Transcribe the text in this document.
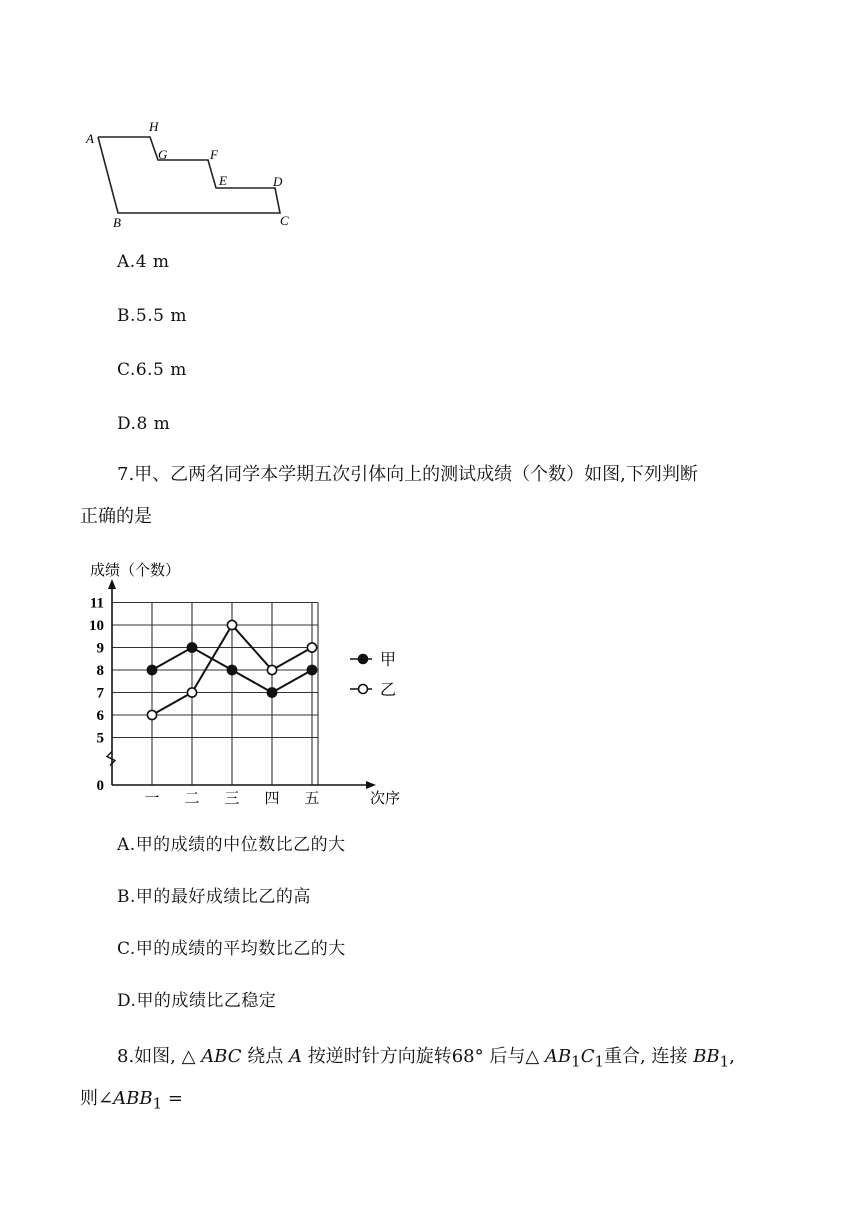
A
H
G	F
E	D
B	C
A.4 m
B.5.5 m
C.6.5 m
D.8 m
7.甲、乙两名同学本学期五次引体向上的测试成绩（个数）如图,下列判断
正确的是
0
5
6
7
8
9
10
11
一 二 三 四 五
甲
乙
成绩（个数）
次序
A.甲的成绩的中位数比乙的大
B.甲的最好成绩比乙的高
C.甲的成绩的平均数比乙的大
D.甲的成绩比乙稳定
8.如图, △ ABC 绕点 A 按逆时针方向旋转68° 后与△ $AB_1C_1$重合, 连接 $BB_1$,
则$\angle ABB_1$ =
